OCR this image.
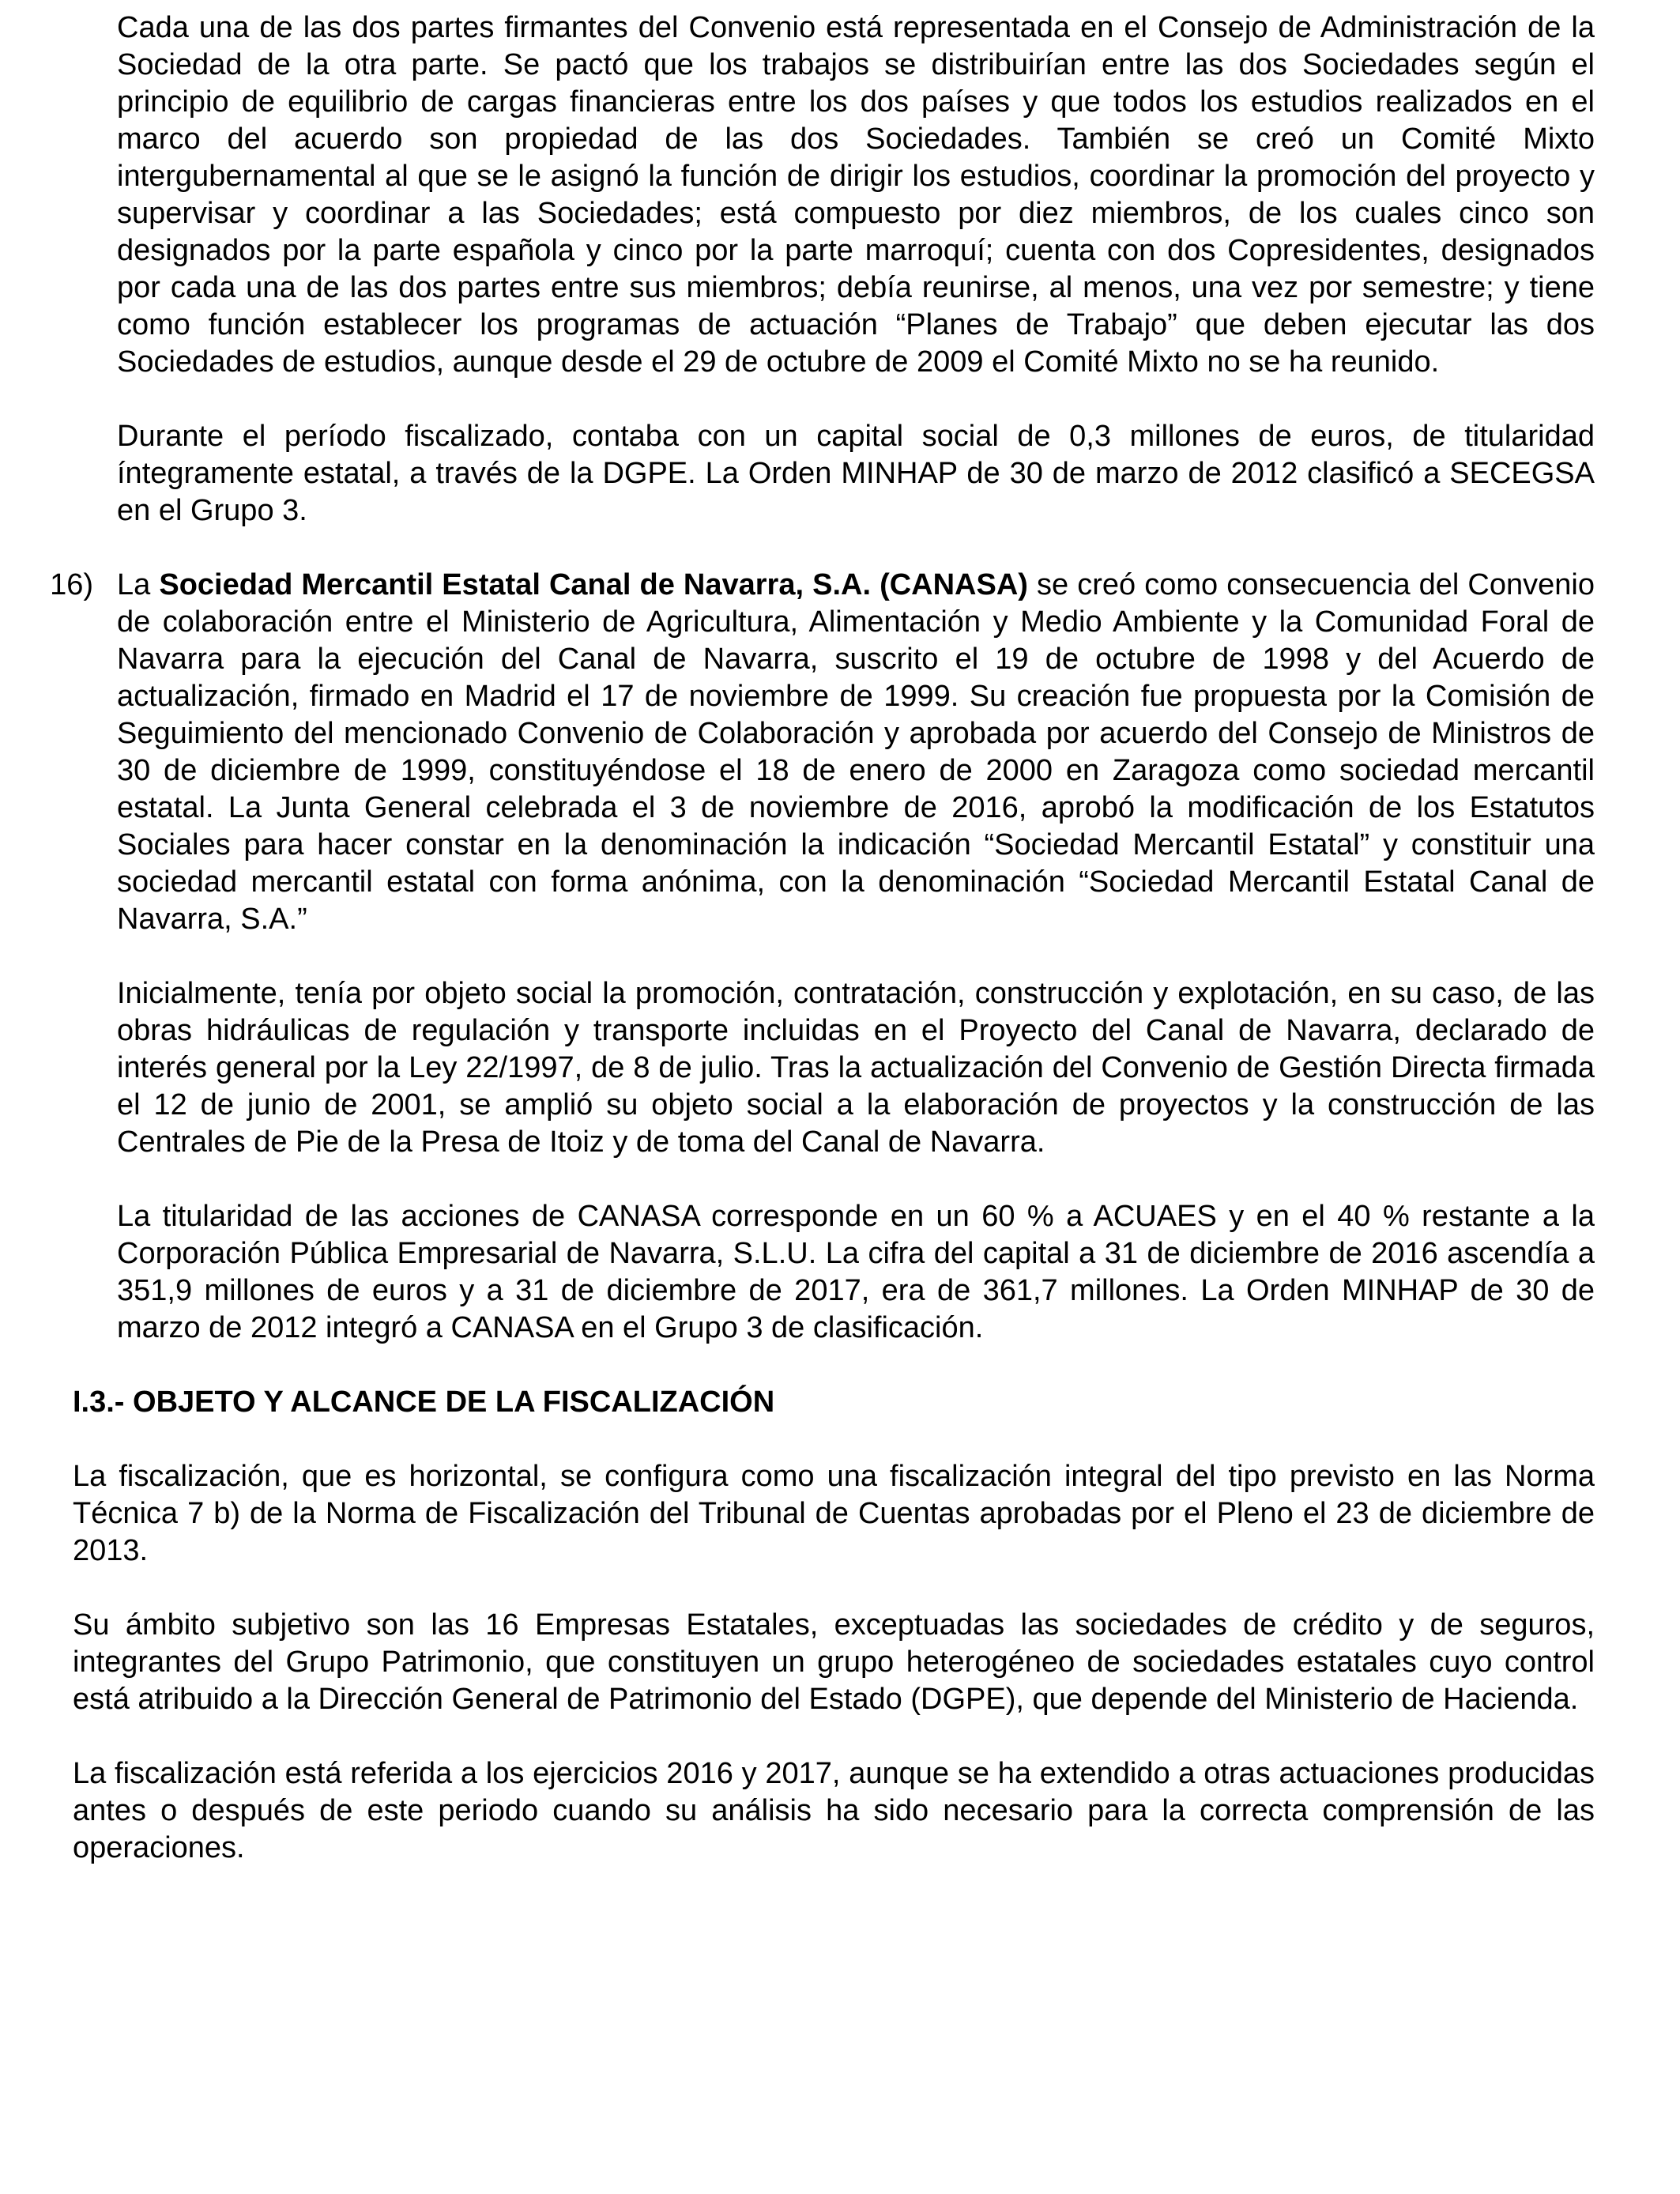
Cada una de las dos partes firmantes del Convenio está representada en el Consejo de Administración de la Sociedad de la otra parte. Se pactó que los trabajos se distribuirían entre las dos Sociedades según el principio de equilibrio de cargas financieras entre los dos países y que todos los estudios realizados en el marco del acuerdo son propiedad de las dos Sociedades. También se creó un Comité Mixto intergubernamental al que se le asignó la función de dirigir los estudios, coordinar la promoción del proyecto y supervisar y coordinar a las Sociedades; está compuesto por diez miembros, de los cuales cinco son designados por la parte española y cinco por la parte marroquí; cuenta con dos Copresidentes, designados por cada una de las dos partes entre sus miembros; debía reunirse, al menos, una vez por semestre; y tiene como función establecer los programas de actuación “Planes de Trabajo” que deben ejecutar las dos Sociedades de estudios, aunque desde el 29 de octubre de 2009 el Comité Mixto no se ha reunido.

Durante el período fiscalizado, contaba con un capital social de 0,3 millones de euros, de titularidad íntegramente estatal, a través de la DGPE. La Orden MINHAP de 30 de marzo de 2012 clasificó a SECEGSA en el Grupo 3.

16) La Sociedad Mercantil Estatal Canal de Navarra, S.A. (CANASA) se creó como consecuencia del Convenio de colaboración entre el Ministerio de Agricultura, Alimentación y Medio Ambiente y la Comunidad Foral de Navarra para la ejecución del Canal de Navarra, suscrito el 19 de octubre de 1998 y del Acuerdo de actualización, firmado en Madrid el 17 de noviembre de 1999. Su creación fue propuesta por la Comisión de Seguimiento del mencionado Convenio de Colaboración y aprobada por acuerdo del Consejo de Ministros de 30 de diciembre de 1999, constituyéndose el 18 de enero de 2000 en Zaragoza como sociedad mercantil estatal. La Junta General celebrada el 3 de noviembre de 2016, aprobó la modificación de los Estatutos Sociales para hacer constar en la denominación la indicación “Sociedad Mercantil Estatal” y constituir una sociedad mercantil estatal con forma anónima, con la denominación “Sociedad Mercantil Estatal Canal de Navarra, S.A.”

Inicialmente, tenía por objeto social la promoción, contratación, construcción y explotación, en su caso, de las obras hidráulicas de regulación y transporte incluidas en el Proyecto del Canal de Navarra, declarado de interés general por la Ley 22/1997, de 8 de julio. Tras la actualización del Convenio de Gestión Directa firmada el 12 de junio de 2001, se amplió su objeto social a la elaboración de proyectos y la construcción de las Centrales de Pie de la Presa de Itoiz y de toma del Canal de Navarra.

La titularidad de las acciones de CANASA corresponde en un 60 % a ACUAES y en el 40 % restante a la Corporación Pública Empresarial de Navarra, S.L.U. La cifra del capital a 31 de diciembre de 2016 ascendía a 351,9 millones de euros y a 31 de diciembre de 2017, era de 361,7 millones. La Orden MINHAP de 30 de marzo de 2012 integró a CANASA en el Grupo 3 de clasificación.

I.3.- OBJETO Y ALCANCE DE LA FISCALIZACIÓN

La fiscalización, que es horizontal, se configura como una fiscalización integral del tipo previsto en las Norma Técnica 7 b) de la Norma de Fiscalización del Tribunal de Cuentas aprobadas por el Pleno el 23 de diciembre de 2013.

Su ámbito subjetivo son las 16 Empresas Estatales, exceptuadas las sociedades de crédito y de seguros, integrantes del Grupo Patrimonio, que constituyen un grupo heterogéneo de sociedades estatales cuyo control está atribuido a la Dirección General de Patrimonio del Estado (DGPE), que depende del Ministerio de Hacienda.

La fiscalización está referida a los ejercicios 2016 y 2017, aunque se ha extendido a otras actuaciones producidas antes o después de este periodo cuando su análisis ha sido necesario para la correcta comprensión de las operaciones.
